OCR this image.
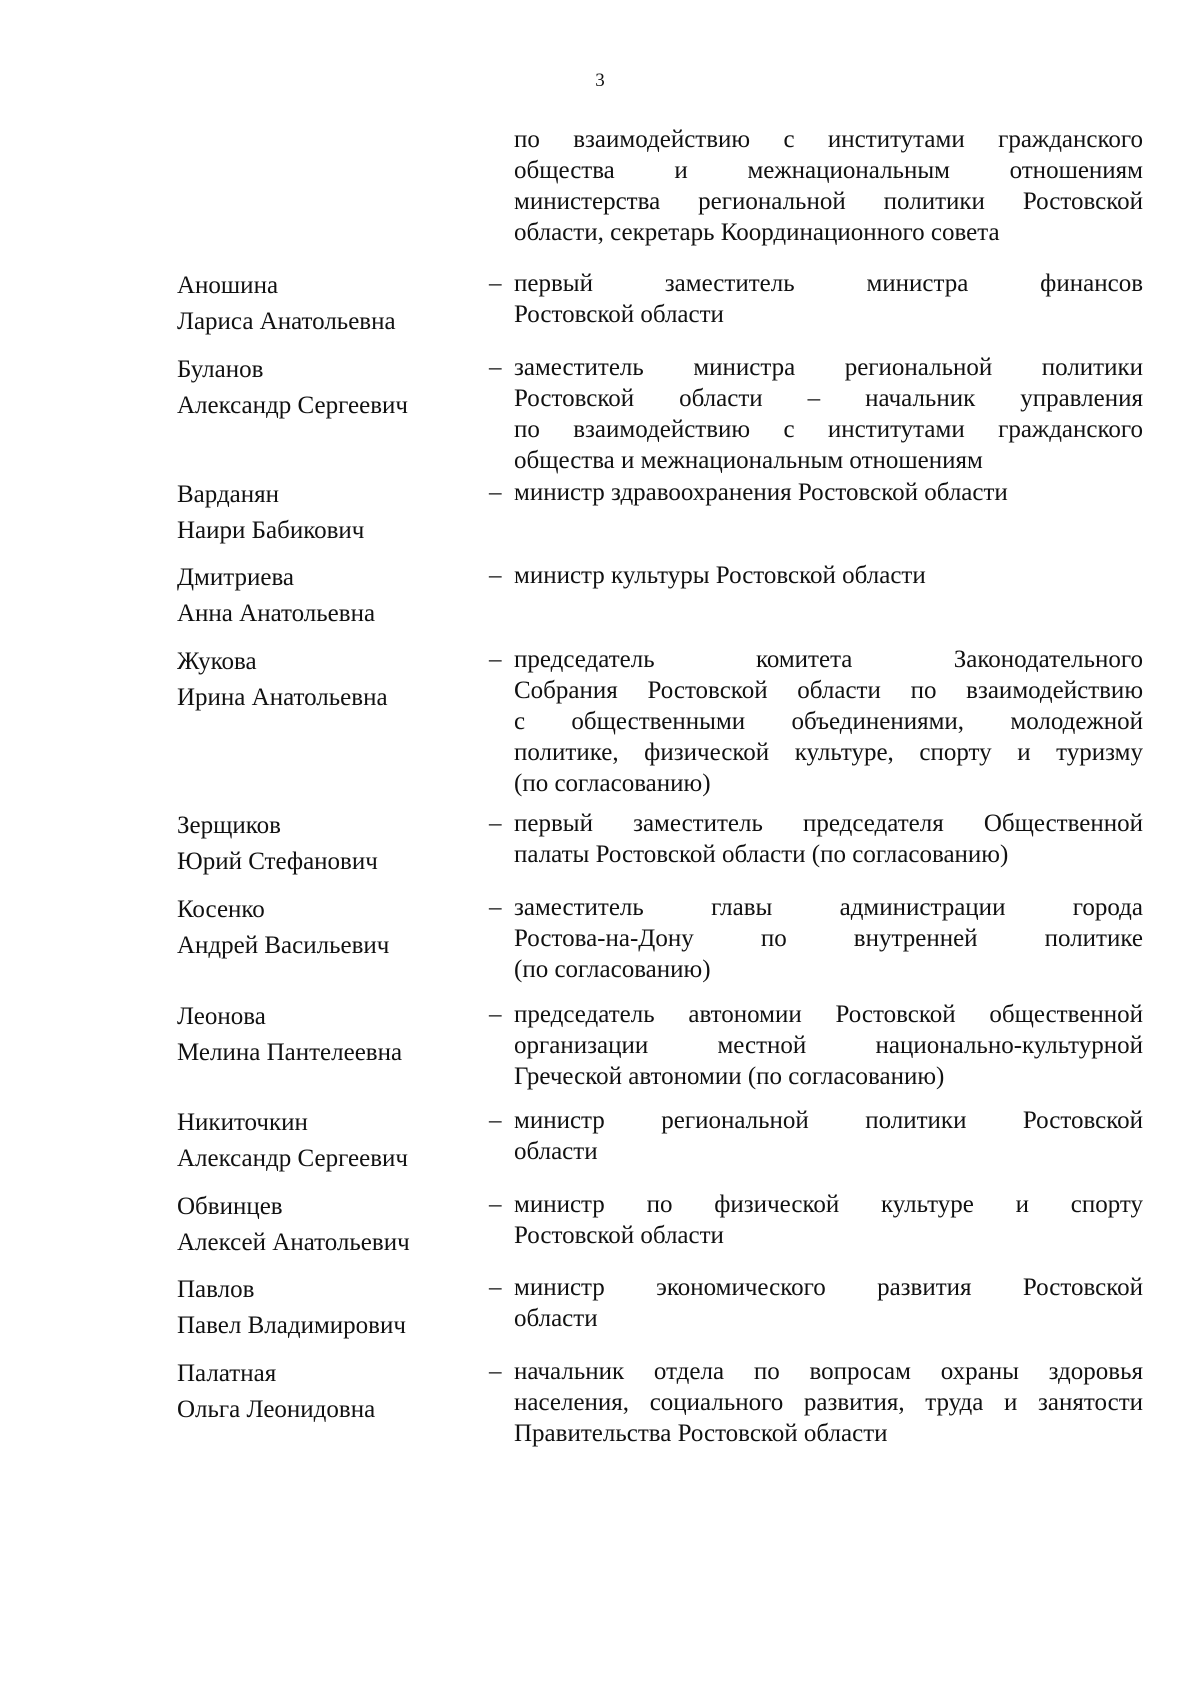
3
по взаимодействию с институтами гражданского
общества и межнациональным отношениям
министерства региональной политики Ростовской
области, секретарь Координационного совета
Аношина
Лариса Анатольевна
– первый заместитель министра финансов
Ростовской области
Буланов
Александр Сергеевич
– заместитель министра региональной политики
Ростовской области – начальник управления
по взаимодействию с институтами гражданского
общества и межнациональным отношениям
Варданян
Наири Бабикович
– министр здравоохранения Ростовской области
Дмитриева
Анна Анатольевна
– министр культуры Ростовской области
Жукова
Ирина Анатольевна
– председатель комитета Законодательного
Собрания Ростовской области по взаимодействию
с общественными объединениями, молодежной
политике, физической культуре, спорту и туризму
(по согласованию)
Зерщиков
Юрий Стефанович
– первый заместитель председателя Общественной
палаты Ростовской области (по согласованию)
Косенко
Андрей Васильевич
– заместитель главы администрации города
Ростова-на-Дону по внутренней политике
(по согласованию)
Леонова
Мелина Пантелеевна
– председатель автономии Ростовской общественной
организации местной национально-культурной
Греческой автономии (по согласованию)
Никиточкин
Александр Сергеевич
– министр региональной политики Ростовской
области
Обвинцев
Алексей Анатольевич
– министр по физической культуре и спорту
Ростовской области
Павлов
Павел Владимирович
– министр экономического развития Ростовской
области
Палатная
Ольга Леонидовна
– начальник отдела по вопросам охраны здоровья
населения, социального развития, труда и занятости
Правительства Ростовской области
